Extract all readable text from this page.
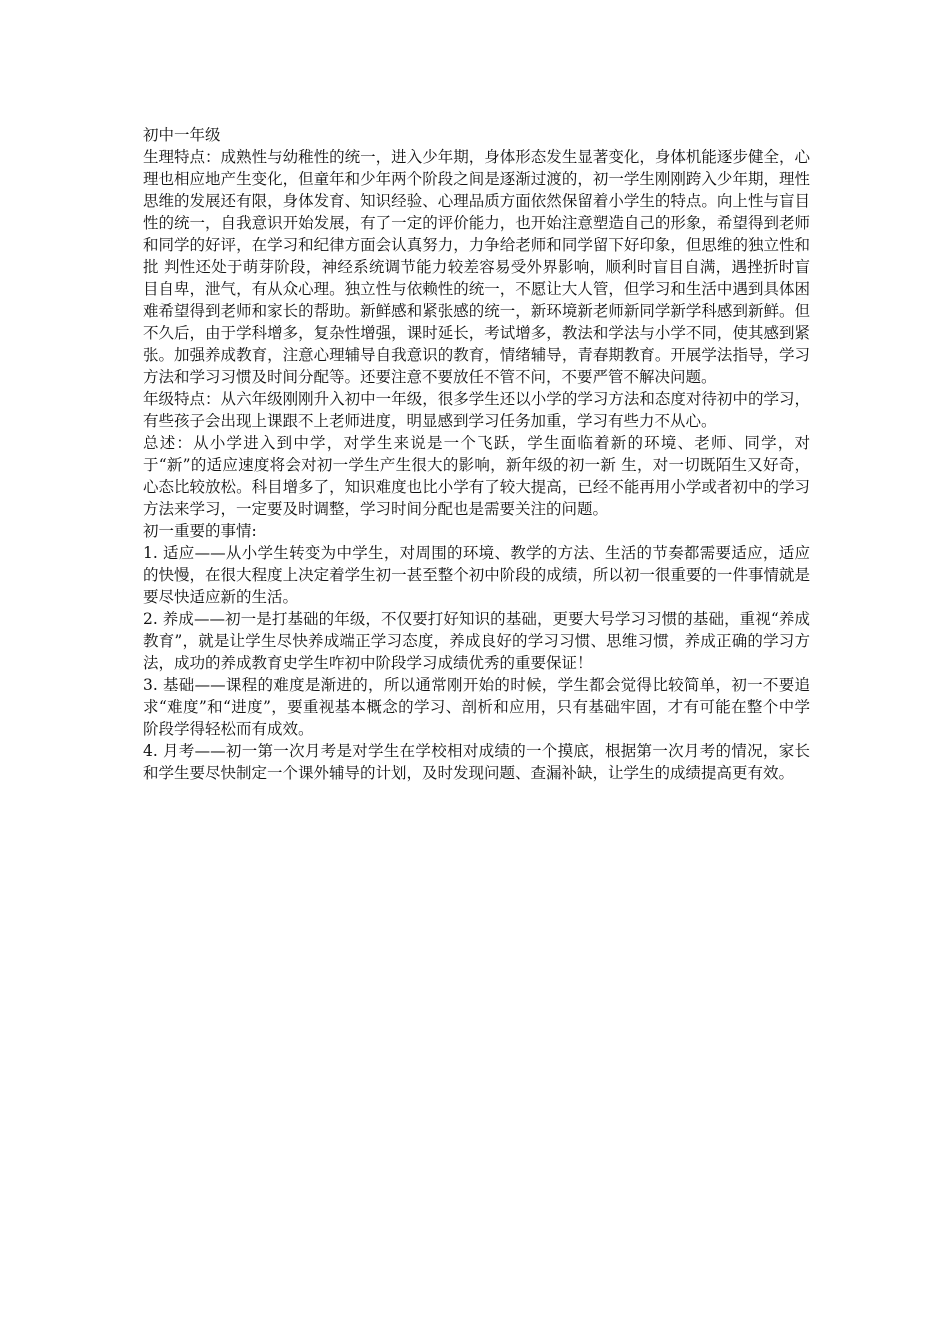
初中一年级

生理特点：成熟性与幼稚性的统一，进入少年期，身体形态发生显著变化，身体机能逐步健全，心理也相应地产生变化，但童年和少年两个阶段之间是逐渐过渡的，初一学生刚刚跨入少年期，理性思维的发展还有限，身体发育、知识经验、心理品质方面依然保留着小学生的特点。向上性与盲目性的统一，自我意识开始发展，有了一定的评价能力，也开始注意塑造自己的形象，希望得到老师和同学的好评，在学习和纪律方面会认真努力，力争给老师和同学留下好印象，但思维的独立性和批 判性还处于萌芽阶段，神经系统调节能力较差容易受外界影响，顺利时盲目自满，遇挫折时盲目自卑，泄气，有从众心理。独立性与依赖性的统一，不愿让大人管，但学习和生活中遇到具体困难希望得到老师和家长的帮助。新鲜感和紧张感的统一，新环境新老师新同学新学科感到新鲜。但不久后，由于学科增多，复杂性增强，课时延长，考试增多，教法和学法与小学不同，使其感到紧张。加强养成教育，注意心理辅导自我意识的教育，情绪辅导，青春期教育。开展学法指导，学习方法和学习习惯及时间分配等。还要注意不要放任不管不问，不要严管不解决问题。

年级特点：从六年级刚刚升入初中一年级，很多学生还以小学的学习方法和态度对待初中的学习，有些孩子会出现上课跟不上老师进度，明显感到学习任务加重，学习有些力不从心。

总述：从小学进入到中学，对学生来说是一个飞跃，学生面临着新的环境、老师、同学，对于“新”的适应速度将会对初一学生产生很大的影响，新年级的初一新 生，对一切既陌生又好奇，心态比较放松。科目增多了，知识难度也比小学有了较大提高，已经不能再用小学或者初中的学习方法来学习，一定要及时调整，学习时间分配也是需要关注的问题。

初一重要的事情:

1. 适应——从小学生转变为中学生，对周围的环境、教学的方法、生活的节奏都需要适应，适应的快慢，在很大程度上决定着学生初一甚至整个初中阶段的成绩，所以初一很重要的一件事情就是要尽快适应新的生活。

2. 养成——初一是打基础的年级，不仅要打好知识的基础，更要大号学习习惯的基础，重视“养成教育”，就是让学生尽快养成端正学习态度，养成良好的学习习惯、思维习惯，养成正确的学习方法，成功的养成教育史学生咋初中阶段学习成绩优秀的重要保证！

3. 基础——课程的难度是渐进的，所以通常刚开始的时候，学生都会觉得比较简单，初一不要追求“难度”和“进度”，要重视基本概念的学习、剖析和应用，只有基础牢固，才有可能在整个中学阶段学得轻松而有成效。

4. 月考——初一第一次月考是对学生在学校相对成绩的一个摸底，根据第一次月考的情况，家长和学生要尽快制定一个课外辅导的计划，及时发现问题、查漏补缺，让学生的成绩提高更有效。
